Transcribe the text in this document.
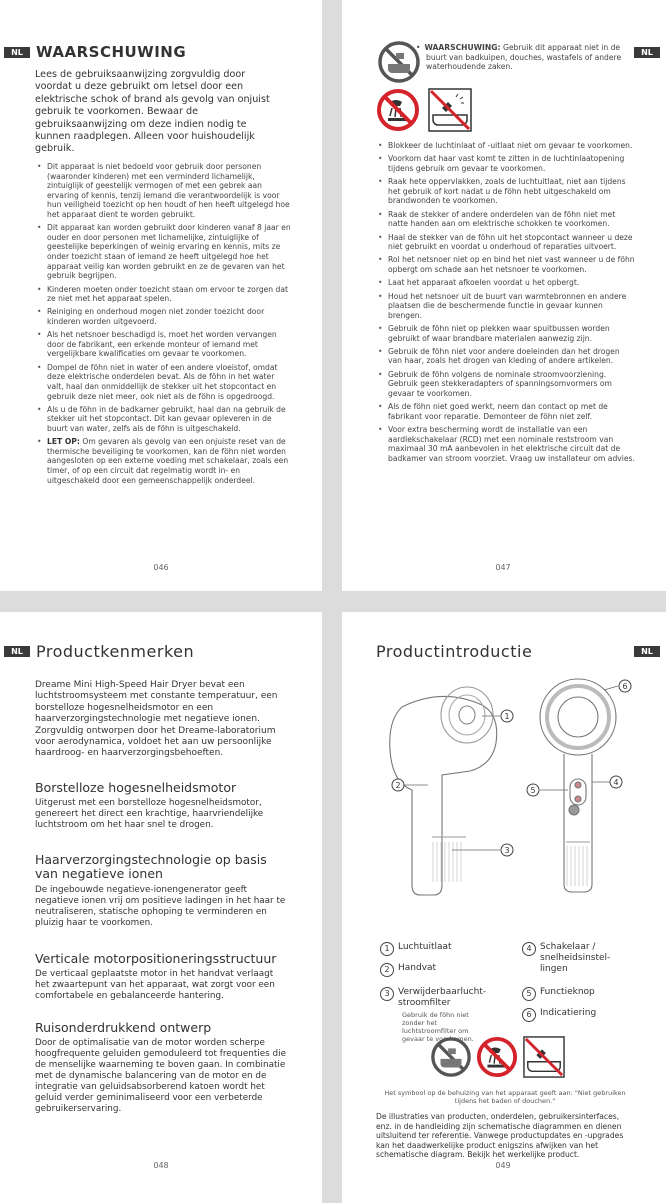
NL WAARSCHUWING
Lees de gebruiksaanwijzing zorgvuldig door voordat u deze gebruikt om letsel door een elektrische schok of brand als gevolg van onjuist gebruik te voorkomen. Bewaar de gebruiksaanwijzing om deze indien nodig te kunnen raadplegen. Alleen voor huishoudelijk gebruik.
• Dit apparaat is niet bedoeld voor gebruik door personen (waaronder kinderen) met een verminderd lichamelijk, zintuiglijk of geestelijk vermogen of met een gebrek aan ervaring of kennis, tenzij iemand die verantwoordelijk is voor hun veiligheid toezicht op hen houdt of hen heeft uitgelegd hoe het apparaat dient te worden gebruikt.
• Dit apparaat kan worden gebruikt door kinderen vanaf 8 jaar en ouder en door personen met lichamelijke, zintuiglijke of geestelijke beperkingen of weinig ervaring en kennis, mits ze onder toezicht staan of iemand ze heeft uitgelegd hoe het apparaat veilig kan worden gebruikt en ze de gevaren van het gebruik begrijpen.
• Kinderen moeten onder toezicht staan om ervoor te zorgen dat ze niet met het apparaat spelen.
• Reiniging en onderhoud mogen niet zonder toezicht door kinderen worden uitgevoerd.
• Als het netsnoer beschadigd is, moet het worden vervangen door de fabrikant, een erkende monteur of iemand met vergelijkbare kwalificaties om gevaar te voorkomen.
• Dompel de föhn niet in water of een andere vloeistof, omdat deze elektrische onderdelen bevat. Als de föhn in het water valt, haal dan onmiddellijk de stekker uit het stopcontact en gebruik deze niet meer, ook niet als de föhn is opgedroogd.
• Als u de föhn in de badkamer gebruikt, haal dan na gebruik de stekker uit het stopcontact. Dit kan gevaar opleveren in de buurt van water, zelfs als de föhn is uitgeschakeld.
• LET OP: Om gevaren als gevolg van een onjuiste reset van de thermische beveiliging te voorkomen, kan de föhn niet worden aangesloten op een externe voeding met schakelaar, zoals een timer, of op een circuit dat regelmatig wordt in- en uitgeschakeld door een gemeenschappelijk onderdeel.
046
NL
• WAARSCHUWING: Gebruik dit apparaat niet in de buurt van badkuipen, douches, wastafels of andere waterhoudende zaken.
• Blokkeer de luchtinlaat of -uitlaat niet om gevaar te voorkomen.
• Voorkom dat haar vast komt te zitten in de luchtinlaatopening tijdens gebruik om gevaar te voorkomen.
• Raak hete oppervlakken, zoals de luchtuitlaat, niet aan tijdens het gebruik of kort nadat u de föhn hebt uitgeschakeld om brandwonden te voorkomen.
• Raak de stekker of andere onderdelen van de föhn niet met natte handen aan om elektrische schokken te voorkomen.
• Haal de stekker van de föhn uit het stopcontact wanneer u deze niet gebruikt en voordat u onderhoud of reparaties uitvoert.
• Rol het netsnoer niet op en bind het niet vast wanneer u de föhn opbergt om schade aan het netsnoer te voorkomen.
• Laat het apparaat afkoelen voordat u het opbergt.
• Houd het netsnoer uit de buurt van warmtebronnen en andere plaatsen die de beschermende functie in gevaar kunnen brengen.
• Gebruik de föhn niet op plekken waar spuitbussen worden gebruikt of waar brandbare materialen aanwezig zijn.
• Gebruik de föhn niet voor andere doeleinden dan het drogen van haar, zoals het drogen van kleding of andere artikelen.
• Gebruik de föhn volgens de nominale stroomvoorziening. Gebruik geen stekkeradapters of spanningsomvormers om gevaar te voorkomen.
• Als de föhn niet goed werkt, neem dan contact op met de fabrikant voor reparatie. Demonteer de föhn niet zelf.
• Voor extra bescherming wordt de installatie van een aardlekschakelaar (RCD) met een nominale reststroom van maximaal 30 mA aanbevolen in het elektrische circuit dat de badkamer van stroom voorziet. Vraag uw installateur om advies.
047
NL Productkenmerken
Dreame Mini High-Speed Hair Dryer bevat een luchtstroomsysteem met constante temperatuur, een borstelloze hogesnelheidsmotor en een haarverzorgingstechnologie met negatieve ionen. Zorgvuldig ontworpen door het Dreame-laboratorium voor aerodynamica, voldoet het aan uw persoonlijke haardroog- en haarverzorgingsbehoeften.
Borstelloze hogesnelheidsmotor
Uitgerust met een borstelloze hogesnelheidsmotor, genereert het direct een krachtige, haarvriendelijke luchtstroom om het haar snel te drogen.
Haarverzorgingstechnologie op basis van negatieve ionen
De ingebouwde negatieve-ionengenerator geeft negatieve ionen vrij om positieve ladingen in het haar te neutraliseren, statische ophoping te verminderen en pluizig haar te voorkomen.
Verticale motorpositioneringsstructuur
De verticaal geplaatste motor in het handvat verlaagt het zwaartepunt van het apparaat, wat zorgt voor een comfortabele en gebalanceerde hantering.
Ruisonderdrukkend ontwerp
Door de optimalisatie van de motor worden scherpe hoogfrequente geluiden gemoduleerd tot frequenties die de menselijke waarneming te boven gaan. In combinatie met de dynamische balancering van de motor en de integratie van geluidsabsorberend katoen wordt het geluid verder geminimaliseerd voor een verbeterde gebruikerservaring.
048
NL
Productintroductie
1
2
3
4
5
6
1 Luchtuitlaat
2 Handvat
3 Verwijderbaarlucht-stroomfilter
Gebruik de föhn niet zonder het luchtstroomfilter om gevaar te voorkomen.
4 Schakelaar / snelheidsinstel-lingen
5 Functieknop
6 Indicatiering
Het symbool op de behuizing van het apparaat geeft aan: "Niet gebruiken tijdens het baden of douchen."
De illustraties van producten, onderdelen, gebruikersinterfaces, enz. in de handleiding zijn schematische diagrammen en dienen uitsluitend ter referentie. Vanwege productupdates en -upgrades kan het daadwerkelijke product enigszins afwijken van het schematische diagram. Bekijk het werkelijke product.
049
